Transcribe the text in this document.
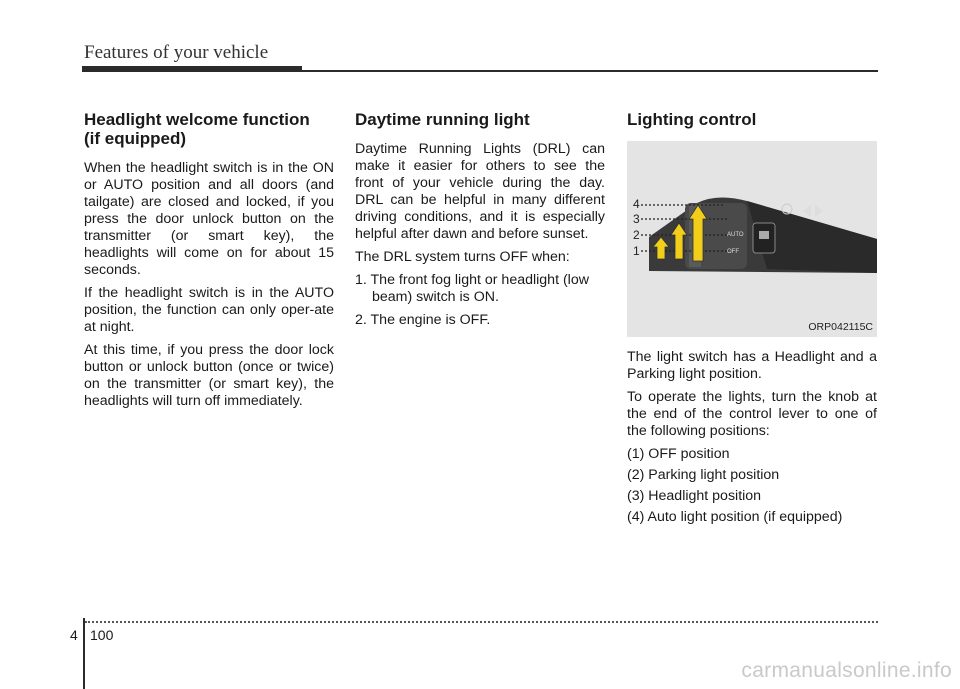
Features of your vehicle
Headlight welcome function
(if equipped)

When the headlight switch is in the ON or AUTO position and all doors (and tailgate) are closed and locked, if you press the door unlock button on the transmitter (or smart key), the headlights will come on for about 15 seconds.

If the headlight switch is in the AUTO position, the function can only oper-ate at night.

At this time, if you press the door lock button or unlock button (once or twice) on the transmitter (or smart key), the headlights will turn off immediately.

Daytime running light

Daytime Running Lights (DRL) can make it easier for others to see the front of your vehicle during the day. DRL can be helpful in many different driving conditions, and it is especially helpful after dawn and before sunset.

The DRL system turns OFF when:

1. The front fog light or headlight (low beam) switch is ON.
2. The engine is OFF.
Lighting control
AUTO
OFF
4
3
2
1
ORP042115C

The light switch has a Headlight and a Parking light position.

To operate the lights, turn the knob at the end of the control lever to one of the following positions:

(1) OFF position
(2) Parking light position
(3) Headlight position
(4) Auto light position (if equipped)
4 100
carmanualsonline.info
